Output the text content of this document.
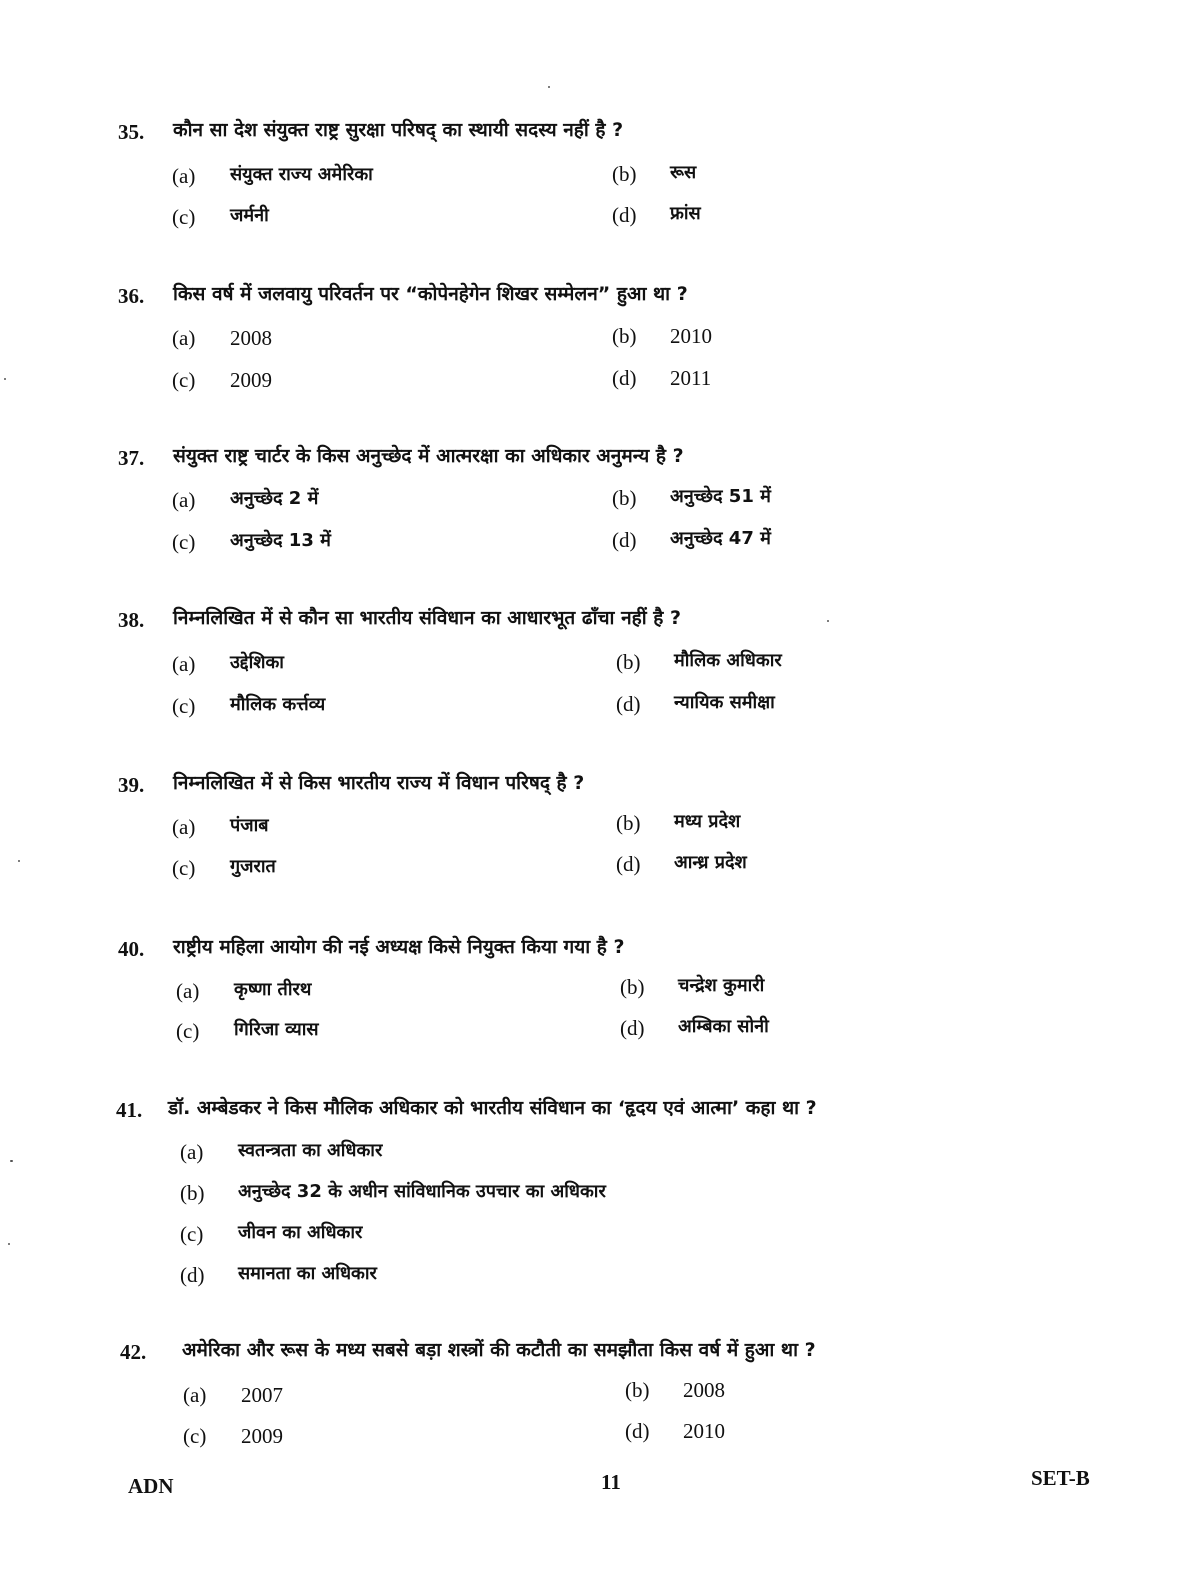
35. कौन सा देश संयुक्त राष्ट्र सुरक्षा परिषद् का स्थायी सदस्य नहीं है ?
(a) संयुक्त राज्य अमेरिका	(b) रूस
(c) जर्मनी	(d) फ्रांस
36. किस वर्ष में जलवायु परिवर्तन पर “कोपेनहेगेन शिखर सम्मेलन” हुआ था ?
(a) 2008	(b) 2010
(c) 2009	(d) 2011
37. संयुक्त राष्ट्र चार्टर के किस अनुच्छेद में आत्मरक्षा का अधिकार अनुमन्य है ?
(a) अनुच्छेद 2 में	(b) अनुच्छेद 51 में
(c) अनुच्छेद 13 में	(d) अनुच्छेद 47 में
38. निम्नलिखित में से कौन सा भारतीय संविधान का आधारभूत ढाँचा नहीं है ?
(a) उद्देशिका	(b) मौलिक अधिकार
(c) मौलिक कर्त्तव्य	(d) न्यायिक समीक्षा
39. निम्नलिखित में से किस भारतीय राज्य में विधान परिषद् है ?
(a) पंजाब	(b) मध्य प्रदेश
(c) गुजरात	(d) आन्ध्र प्रदेश
40. राष्ट्रीय महिला आयोग की नई अध्यक्ष किसे नियुक्त किया गया है ?
(a) कृष्णा तीरथ	(b) चन्द्रेश कुमारी
(c) गिरिजा व्यास	(d) अम्बिका सोनी
41. डॉ. अम्बेडकर ने किस मौलिक अधिकार को भारतीय संविधान का ‘हृदय एवं आत्मा’ कहा था ?
(a) स्वतन्त्रता का अधिकार
(b) अनुच्छेद 32 के अधीन सांविधानिक उपचार का अधिकार
(c) जीवन का अधिकार
(d) समानता का अधिकार
42. अमेरिका और रूस के मध्य सबसे बड़ा शस्त्रों की कटौती का समझौता किस वर्ष में हुआ था ?
(a) 2007	(b) 2008
(c) 2009	(d) 2010
ADN	11	SET-B
